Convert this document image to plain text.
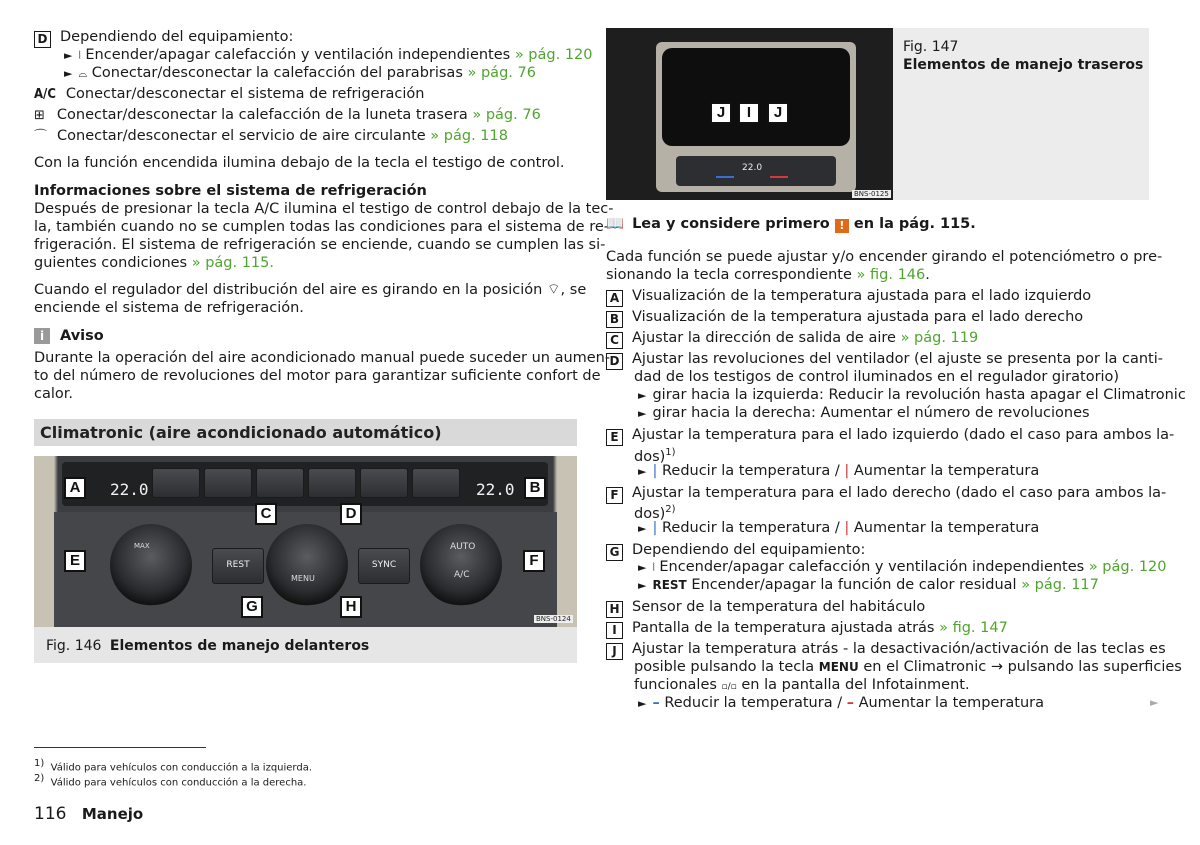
D Dependiendo del equipamiento:
► ⦚ Encender/apagar calefacción y ventilación independientes » pág. 120
► ⌓ Conectar/desconectar la calefacción del parabrisas » pág. 76
A/C Conectar/desconectar el sistema de refrigeración
⊞ Conectar/desconectar la calefacción de la luneta trasera » pág. 76
⌒ Conectar/desconectar el servicio de aire circulante » pág. 118
Con la función encendida ilumina debajo de la tecla el testigo de control.
Informaciones sobre el sistema de refrigeración
Después de presionar la tecla A/C ilumina el testigo de control debajo de la tec-
la, también cuando no se cumplen todas las condiciones para el sistema de re-
frigeración. El sistema de refrigeración se enciende, cuando se cumplen las si-
guientes condiciones » pág. 115.
Cuando el regulador del distribución del aire es girando en la posición ⌔, se
enciende el sistema de refrigeración.
i	Aviso
Durante la operación del aire acondicionado manual puede suceder un aumen-
to del número de revoluciones del motor para garantizar suficiente confort de
calor.
Climatronic (aire acondicionado automático)
22.0	22.0
MAX
MENU
AUTO
A/C
REST	SYNC
A	B
C	D
E	F
G	H
BNS-0124
Fig. 146 Elementos de manejo delanteros
$^{1)}$ Válido para vehículos con conducción a la izquierda.
$^{2)}$ Válido para vehículos con conducción a la derecha.
116 Manejo
22.0
J	I	J
BNS-0125
Fig. 147
Elementos de manejo traseros
📖 Lea y considere primero ! en la pág. 115.
Cada función se puede ajustar y/o encender girando el potenciómetro o pre-
sionando la tecla correspondiente » fig. 146.
A Visualización de la temperatura ajustada para el lado izquierdo
B Visualización de la temperatura ajustada para el lado derecho
C Ajustar la dirección de salida de aire » pág. 119
D Ajustar las revoluciones del ventilador (el ajuste se presenta por la canti-
dad de los testigos de control iluminados en el regulador giratorio)
► girar hacia la izquierda: Reducir la revolución hasta apagar el Climatronic
► girar hacia la derecha: Aumentar el número de revoluciones
E Ajustar la temperatura para el lado izquierdo (dado el caso para ambos la-
dos)$^{1)}$
► | Reducir la temperatura / | Aumentar la temperatura
F Ajustar la temperatura para el lado derecho (dado el caso para ambos la-
dos)$^{2)}$
► | Reducir la temperatura / | Aumentar la temperatura
G Dependiendo del equipamiento:
► ⦚ Encender/apagar calefacción y ventilación independientes » pág. 120
► REST Encender/apagar la función de calor residual » pág. 117
H Sensor de la temperatura del habitáculo
I Pantalla de la temperatura ajustada atrás » fig. 147
J Ajustar la temperatura atrás - la desactivación/activación de las teclas es
posible pulsando la tecla MENU en el Climatronic → pulsando las superficies
funcionales ▫/▫ en la pantalla del Infotainment.
► – Reducir la temperatura / – Aumentar la temperatura	►
